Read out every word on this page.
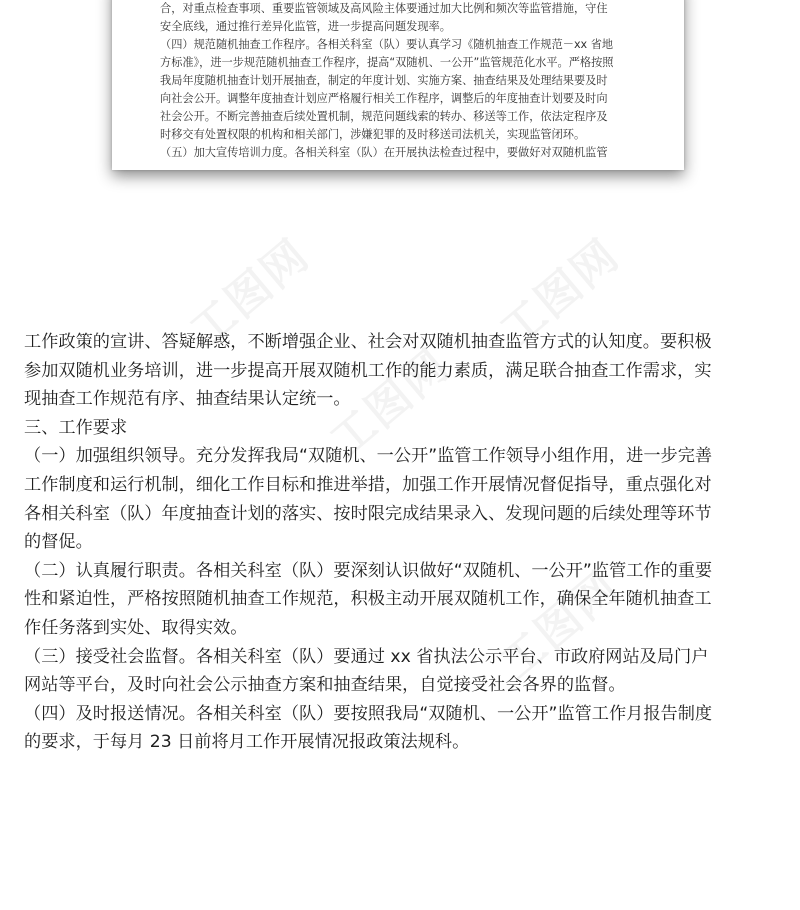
合，对重点检查事项、重要监管领域及高风险主体要通过加大比例和频次等监管措施，守住

安全底线，通过推行差异化监管，进一步提高问题发现率。

（四）规范随机抽查工作程序。各相关科室（队）要认真学习《随机抽查工作规范－xx 省地

方标准》，进一步规范随机抽查工作程序，提高“双随机、一公开”监管规范化水平。严格按照

我局年度随机抽查计划开展抽查，制定的年度计划、实施方案、抽查结果及处理结果要及时

向社会公开。调整年度抽查计划应严格履行相关工作程序，调整后的年度抽查计划要及时向

社会公开。不断完善抽查后续处置机制，规范问题线索的转办、移送等工作，依法定程序及

时移交有处置权限的机构和相关部门，涉嫌犯罪的及时移送司法机关，实现监管闭环。

（五）加大宣传培训力度。各相关科室（队）在开展执法检查过程中，要做好对双随机监管

工图网	工图网
工图网
工图网

工作政策的宣讲、答疑解惑，不断增强企业、社会对双随机抽查监管方式的认知度。要积极

参加双随机业务培训，进一步提高开展双随机工作的能力素质，满足联合抽查工作需求，实

现抽查工作规范有序、抽查结果认定统一。

三、工作要求

（一）加强组织领导。充分发挥我局“双随机、一公开”监管工作领导小组作用，进一步完善

工作制度和运行机制，细化工作目标和推进举措，加强工作开展情况督促指导，重点强化对

各相关科室（队）年度抽查计划的落实、按时限完成结果录入、发现问题的后续处理等环节

的督促。

（二）认真履行职责。各相关科室（队）要深刻认识做好“双随机、一公开”监管工作的重要

性和紧迫性，严格按照随机抽查工作规范，积极主动开展双随机工作，确保全年随机抽查工

作任务落到实处、取得实效。

（三）接受社会监督。各相关科室（队）要通过 xx 省执法公示平台、市政府网站及局门户

网站等平台，及时向社会公示抽查方案和抽查结果，自觉接受社会各界的监督。

（四）及时报送情况。各相关科室（队）要按照我局“双随机、一公开”监管工作月报告制度

的要求，于每月 23 日前将月工作开展情况报政策法规科。
